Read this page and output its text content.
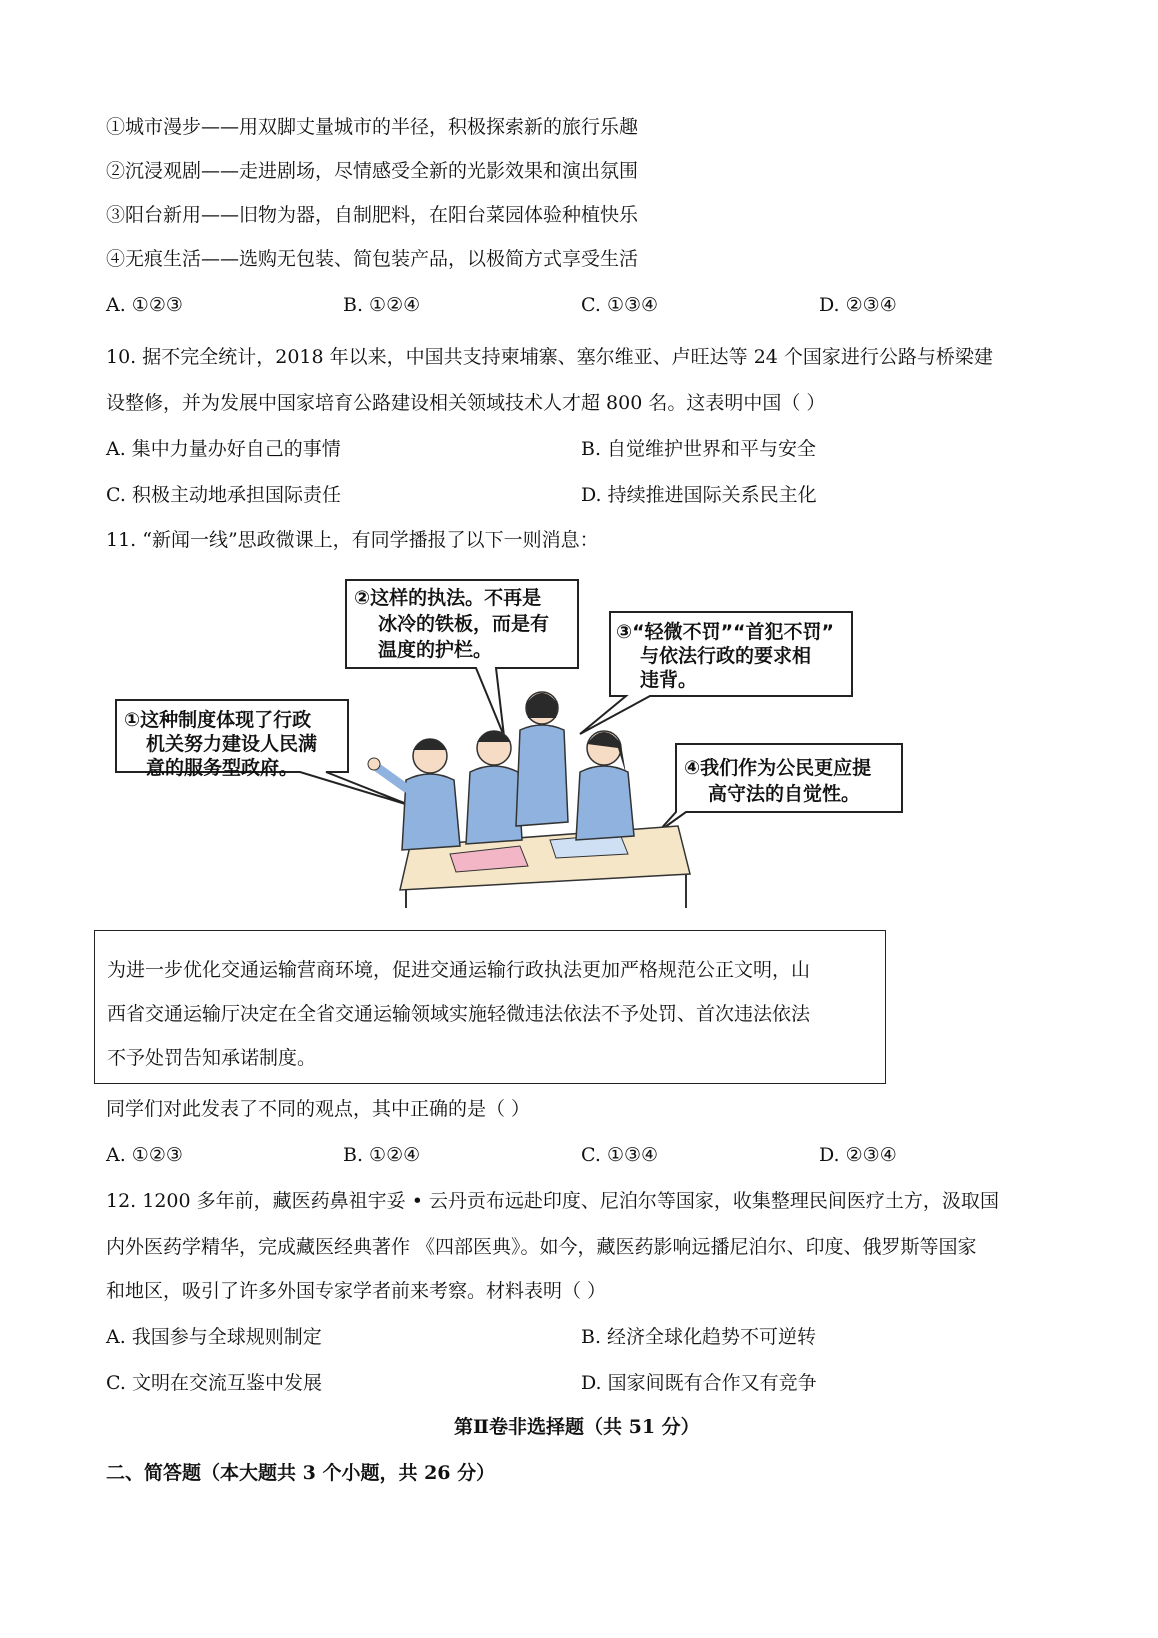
①城市漫步——用双脚丈量城市的半径，积极探索新的旅行乐趣
②沉浸观剧——走进剧场，尽情感受全新的光影效果和演出氛围
③阳台新用——旧物为器，自制肥料，在阳台菜园体验种植快乐
④无痕生活——选购无包装、简包装产品，以极简方式享受生活
A. ①②③	B. ①②④	C. ①③④	D. ②③④
10. 据不完全统计，2018 年以来，中国共支持柬埔寨、塞尔维亚、卢旺达等 24 个国家进行公路与桥梁建
设整修，并为发展中国家培育公路建设相关领域技术人才超 800 名。这表明中国（ ）
A. 集中力量办好自己的事情	B. 自觉维护世界和平与安全
C. 积极主动地承担国际责任	D. 持续推进国际关系民主化
11. “新闻一线”思政微课上，有同学播报了以下一则消息：
①这种制度体现了行政
机关努力建设人民满
意的服务型政府。
②这样的执法。不再是
冰冷的铁板，而是有
温度的护栏。
③“轻微不罚”“首犯不罚”
与依法行政的要求相
违背。
④我们作为公民更应提
高守法的自觉性。
为进一步优化交通运输营商环境，促进交通运输行政执法更加严格规范公正文明，山
西省交通运输厅决定在全省交通运输领域实施轻微违法依法不予处罚、首次违法依法
不予处罚告知承诺制度。
同学们对此发表了不同的观点，其中正确的是（ ）
A. ①②③	B. ①②④	C. ①③④	D. ②③④
12. 1200 多年前，藏医药鼻祖宇妥 • 云丹贡布远赴印度、尼泊尔等国家，收集整理民间医疗土方，汲取国
内外医药学精华，完成藏医经典著作 《四部医典》。如今，藏医药影响远播尼泊尔、印度、俄罗斯等国家
和地区，吸引了许多外国专家学者前来考察。材料表明（ ）
A. 我国参与全球规则制定	B. 经济全球化趋势不可逆转
C. 文明在交流互鉴中发展	D. 国家间既有合作又有竞争
第Ⅱ卷非选择题（共 51 分）
二、简答题（本大题共 3 个小题，共 26 分）
